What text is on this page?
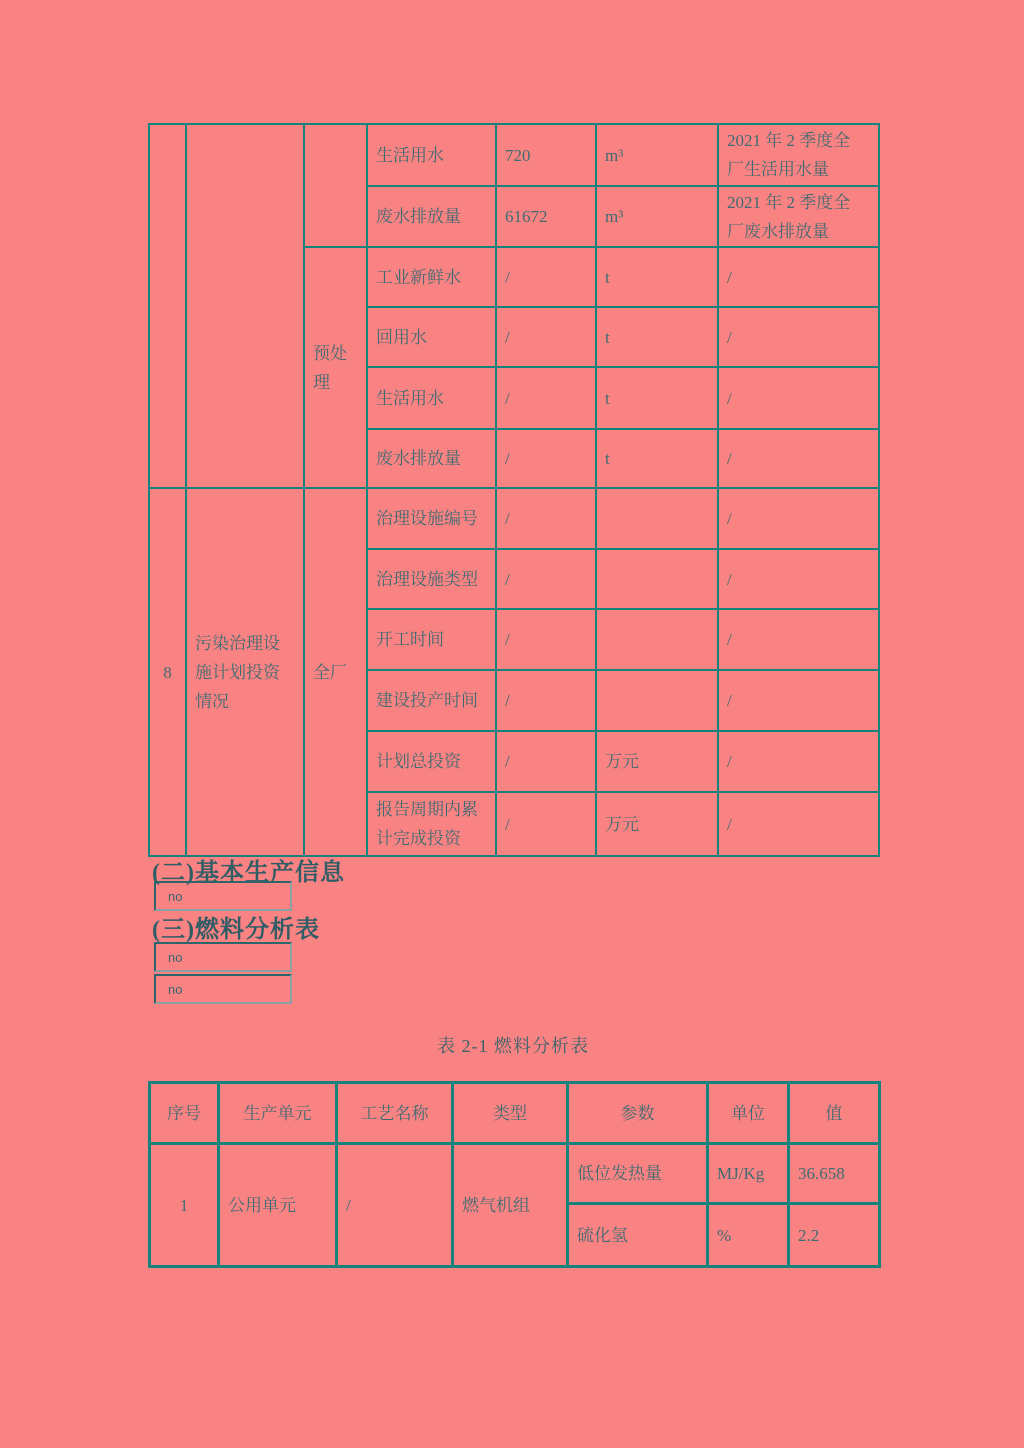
			生活用水	720	m³	2021 年 2 季度全厂生活用水量
			废水排放量	61672	m³	2021 年 2 季度全厂废水排放量
		预处理	工业新鲜水	/	t	/
			回用水	/	t	/
			生活用水	/	t	/
			废水排放量	/	t	/
8	污染治理设施计划投资情况	全厂	治理设施编号	/		/
			治理设施类型	/		/
			开工时间	/		/
			建设投产时间	/		/
			计划总投资	/	万元	/
			报告周期内累计完成投资	/	万元	/
(二)基本生产信息
no
(三)燃料分析表
no
no
表 2-1 燃料分析表
序号	生产单元	工艺名称	类型	参数	单位	值
1	公用单元	/	燃气机组	低位发热量	MJ/Kg	36.658
				硫化氢	%	2.2
